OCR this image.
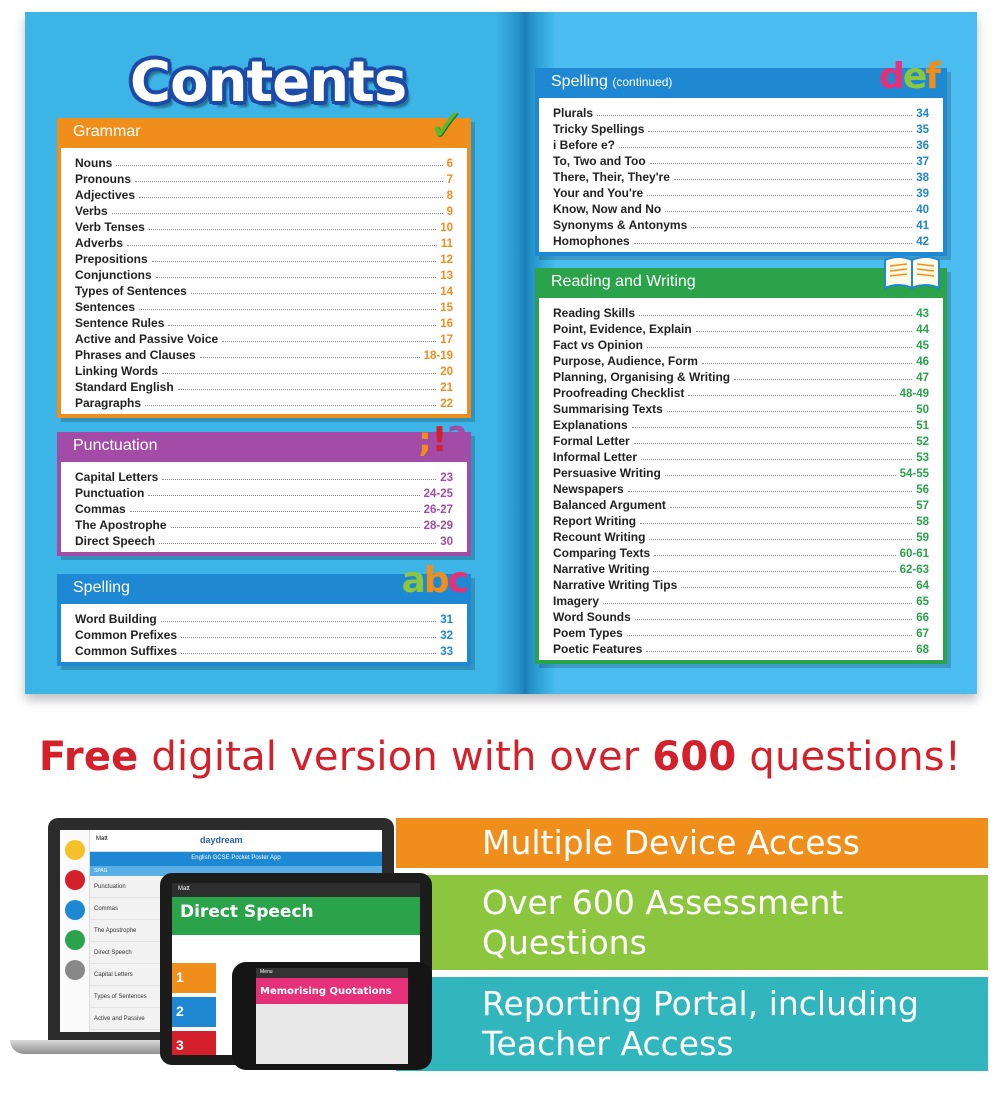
Contents
Grammar	✓
Nouns	6
Pronouns	7
Adjectives	8
Verbs	9
Verb Tenses	10
Adverbs	11
Prepositions	12
Conjunctions	13
Types of Sentences	14
Sentences	15
Sentence Rules	16
Active and Passive Voice	17
Phrases and Clauses	18-19
Linking Words	20
Standard English	21
Paragraphs	22
Punctuation	;!?
Capital Letters	23
Punctuation	24-25
Commas	26-27
The Apostrophe	28-29
Direct Speech	30
Spelling	abc
Word Building	31
Common Prefixes	32
Common Suffixes	33
Spelling (continued)	def
Plurals	34
Tricky Spellings	35
i Before e?	36
To, Two and Too	37
There, Their, They're	38
Your and You're	39
Know, Now and No	40
Synonyms & Antonyms	41
Homophones	42
Reading and Writing
Reading Skills	43
Point, Evidence, Explain	44
Fact vs Opinion	45
Purpose, Audience, Form	46
Planning, Organising & Writing	47
Proofreading Checklist	48-49
Summarising Texts	50
Explanations	51
Formal Letter	52
Informal Letter	53
Persuasive Writing	54-55
Newspapers	56
Balanced Argument	57
Report Writing	58
Recount Writing	59
Comparing Texts	60-61
Narrative Writing	62-63
Narrative Writing Tips	64
Imagery	65
Word Sounds	66
Poem Types	67
Poetic Features	68
Free digital version with over 600 questions!
Multiple Device Access
Over 600 Assessment Questions
Reporting Portal, including Teacher Access
Matt	daydream
English GCSE Pocket Poster App
SPAG
Punctuation
Commas
The Apostrophe
Direct Speech
Capital Letters
Types of Sentences
Active and Passive
Matt
Direct Speech
1
2
3
Menu
Memorising Quotations
